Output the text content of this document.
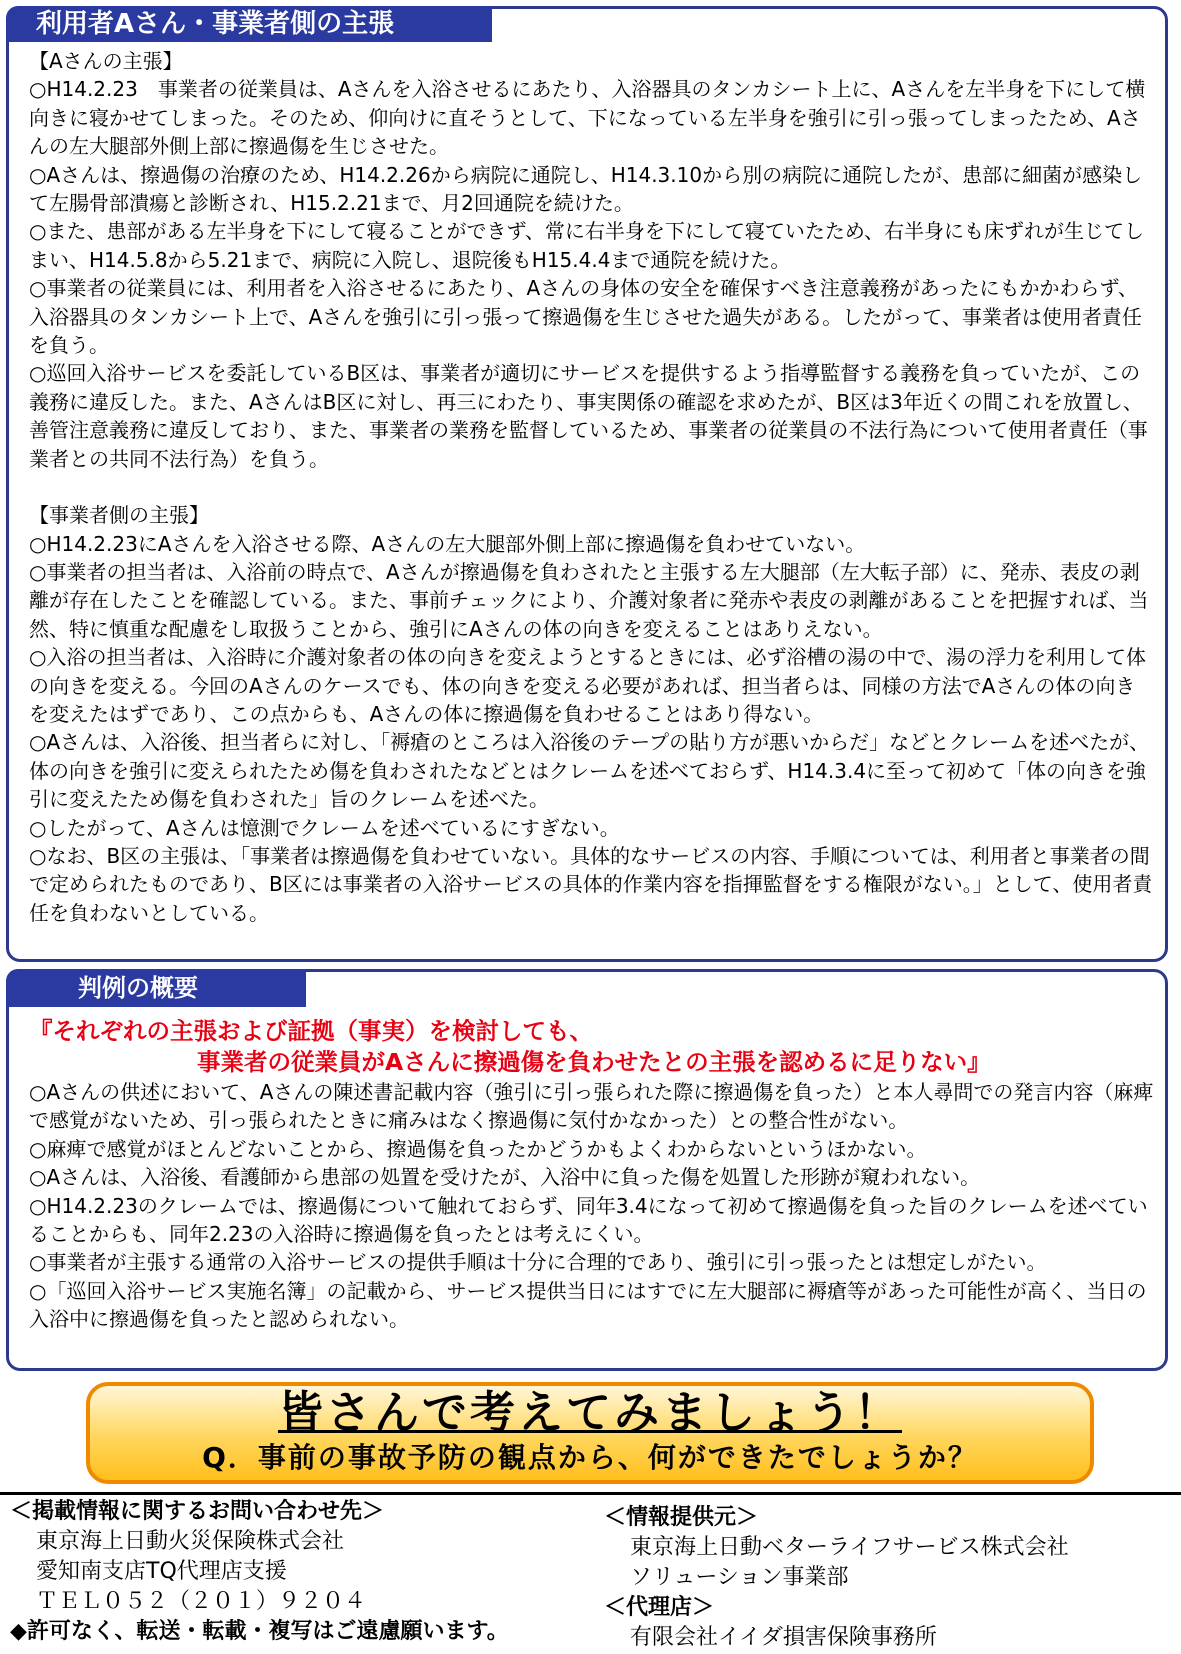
利用者Aさん・事業者側の主張

【Aさんの主張】

○H14.2.23　事業者の従業員は、Aさんを入浴させるにあたり、入浴器具のタンカシート上に、Aさんを左半身を下にして横向きに寝かせてしまった。そのため、仰向けに直そうとして、下になっている左半身を強引に引っ張ってしまったため、Aさんの左大腿部外側上部に擦過傷を生じさせた。

○Aさんは、擦過傷の治療のため、H14.2.26から病院に通院し、H14.3.10から別の病院に通院したが、患部に細菌が感染して左腸骨部潰瘍と診断され、H15.2.21まで、月2回通院を続けた。

○また、患部がある左半身を下にして寝ることができず、常に右半身を下にして寝ていたため、右半身にも床ずれが生じてしまい、H14.5.8から5.21まで、病院に入院し、退院後もH15.4.4まで通院を続けた。

○事業者の従業員には、利用者を入浴させるにあたり、Aさんの身体の安全を確保すべき注意義務があったにもかかわらず、入浴器具のタンカシート上で、Aさんを強引に引っ張って擦過傷を生じさせた過失がある。したがって、事業者は使用者責任を負う。

○巡回入浴サービスを委託しているB区は、事業者が適切にサービスを提供するよう指導監督する義務を負っていたが、この義務に違反した。また、AさんはB区に対し、再三にわたり、事実関係の確認を求めたが、B区は3年近くの間これを放置し、善管注意義務に違反しており、また、事業者の業務を監督しているため、事業者の従業員の不法行為について使用者責任（事業者との共同不法行為）を負う。

【事業者側の主張】

○H14.2.23にAさんを入浴させる際、Aさんの左大腿部外側上部に擦過傷を負わせていない。

○事業者の担当者は、入浴前の時点で、Aさんが擦過傷を負わされたと主張する左大腿部（左大転子部）に、発赤、表皮の剥離が存在したことを確認している。また、事前チェックにより、介護対象者に発赤や表皮の剥離があることを把握すれば、当然、特に慎重な配慮をし取扱うことから、強引にAさんの体の向きを変えることはありえない。

○入浴の担当者は、入浴時に介護対象者の体の向きを変えようとするときには、必ず浴槽の湯の中で、湯の浮力を利用して体の向きを変える。今回のAさんのケースでも、体の向きを変える必要があれば、担当者らは、同様の方法でAさんの体の向きを変えたはずであり、この点からも、Aさんの体に擦過傷を負わせることはあり得ない。

○Aさんは、入浴後、担当者らに対し、「褥瘡のところは入浴後のテープの貼り方が悪いからだ」などとクレームを述べたが、体の向きを強引に変えられたため傷を負わされたなどとはクレームを述べておらず、H14.3.4に至って初めて「体の向きを強引に変えたため傷を負わされた」旨のクレームを述べた。

○したがって、Aさんは憶測でクレームを述べているにすぎない。

○なお、B区の主張は、「事業者は擦過傷を負わせていない。具体的なサービスの内容、手順については、利用者と事業者の間で定められたものであり、B区には事業者の入浴サービスの具体的作業内容を指揮監督をする権限がない。」として、使用者責任を負わないとしている。

判例の概要
『それぞれの主張および証拠（事実）を検討しても、
事業者の従業員がAさんに擦過傷を負わせたとの主張を認めるに足りない』

○Aさんの供述において、Aさんの陳述書記載内容（強引に引っ張られた際に擦過傷を負った）と本人尋問での発言内容（麻痺で感覚がないため、引っ張られたときに痛みはなく擦過傷に気付かなかった）との整合性がない。

○麻痺で感覚がほとんどないことから、擦過傷を負ったかどうかもよくわからないというほかない。

○Aさんは、入浴後、看護師から患部の処置を受けたが、入浴中に負った傷を処置した形跡が窺われない。

○H14.2.23のクレームでは、擦過傷について触れておらず、同年3.4になって初めて擦過傷を負った旨のクレームを述べていることからも、同年2.23の入浴時に擦過傷を負ったとは考えにくい。

○事業者が主張する通常の入浴サービスの提供手順は十分に合理的であり、強引に引っ張ったとは想定しがたい。

○「巡回入浴サービス実施名簿」の記載から、サービス提供当日にはすでに左大腿部に褥瘡等があった可能性が高く、当日の入浴中に擦過傷を負ったと認められない。

皆さんで考えてみましょう！
Q．事前の事故予防の観点から、何ができたでしょうか？
＜掲載情報に関するお問い合わせ先＞
東京海上日動火災保険株式会社
愛知南支店TQ代理店支援
ＴＥＬ０５２（２０１）９２０４
◆許可なく、転送・転載・複写はご遠慮願います。
＜情報提供元＞
東京海上日動ベターライフサービス株式会社
ソリューション事業部
＜代理店＞
有限会社イイダ損害保険事務所
